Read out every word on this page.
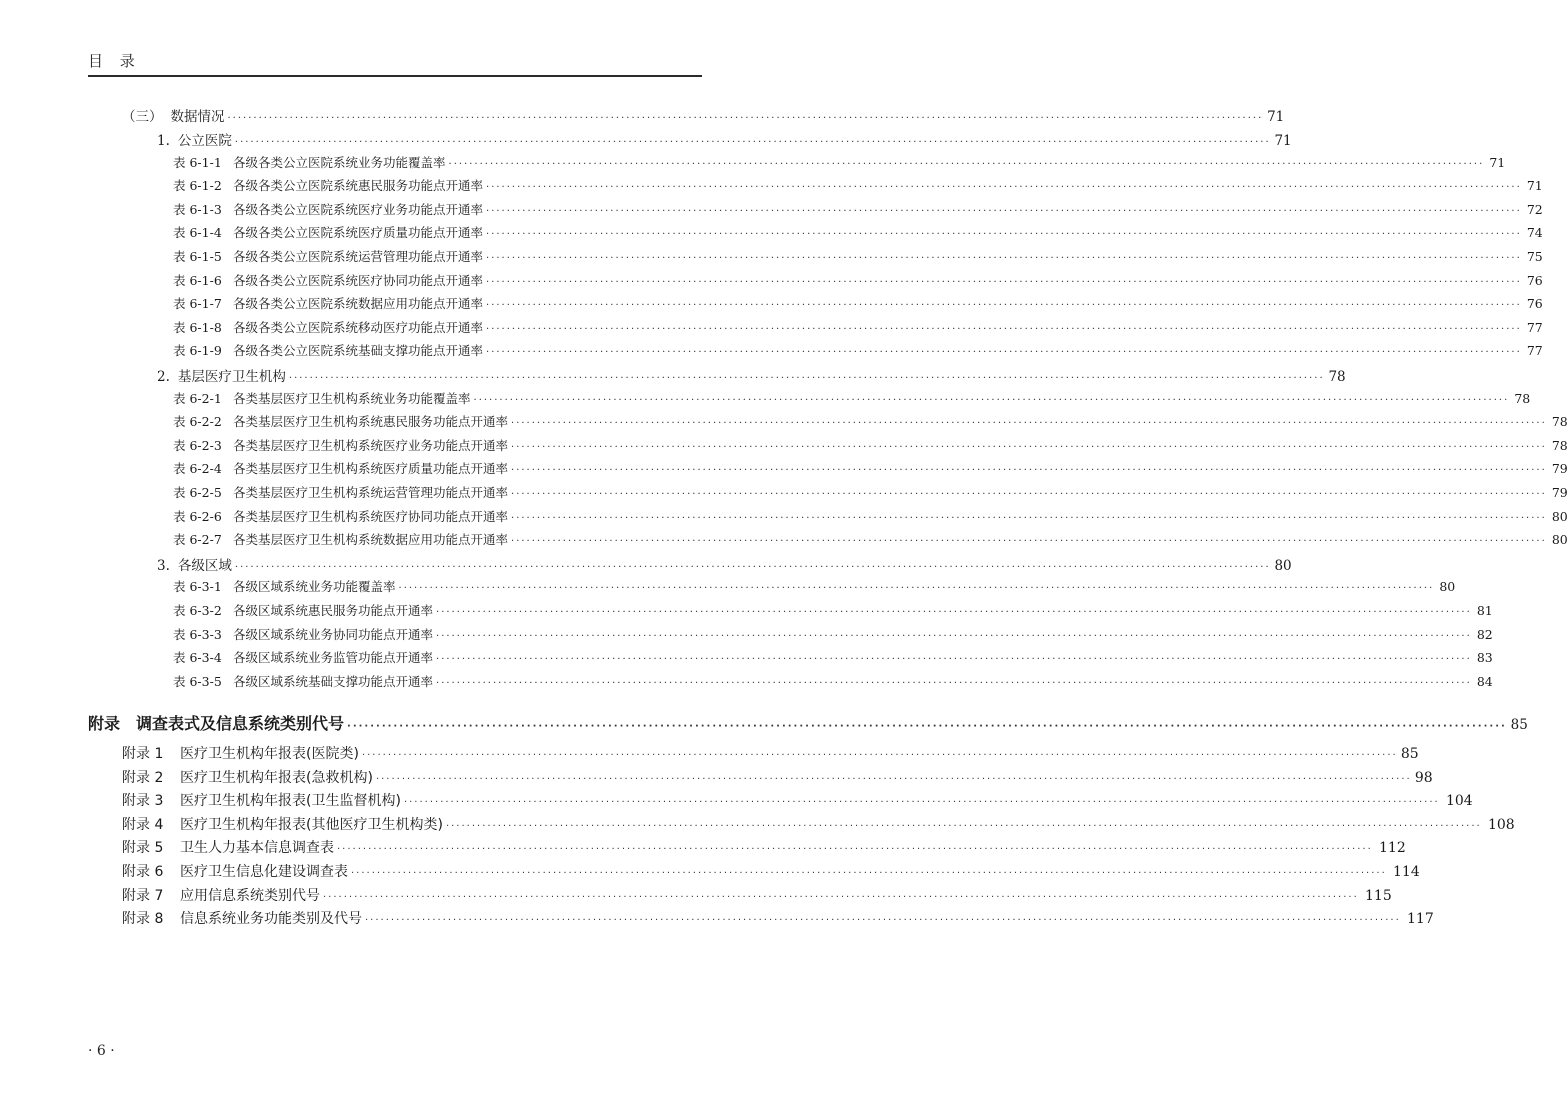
目 录
（三） 数据情况 ········································································································································································································ 71
1. 公立医院 ········································································································································································································ 71
表 6-1-1 各级各类公立医院系统业务功能覆盖率 ········································································································································································································ 71
表 6-1-2 各级各类公立医院系统惠民服务功能点开通率 ········································································································································································································ 71
表 6-1-3 各级各类公立医院系统医疗业务功能点开通率 ········································································································································································································ 72
表 6-1-4 各级各类公立医院系统医疗质量功能点开通率 ········································································································································································································ 74
表 6-1-5 各级各类公立医院系统运营管理功能点开通率 ········································································································································································································ 75
表 6-1-6 各级各类公立医院系统医疗协同功能点开通率 ········································································································································································································ 76
表 6-1-7 各级各类公立医院系统数据应用功能点开通率 ········································································································································································································ 76
表 6-1-8 各级各类公立医院系统移动医疗功能点开通率 ········································································································································································································ 77
表 6-1-9 各级各类公立医院系统基础支撑功能点开通率 ········································································································································································································ 77
2. 基层医疗卫生机构 ········································································································································································································ 78
表 6-2-1 各类基层医疗卫生机构系统业务功能覆盖率 ········································································································································································································ 78
表 6-2-2 各类基层医疗卫生机构系统惠民服务功能点开通率 ········································································································································································································ 78
表 6-2-3 各类基层医疗卫生机构系统医疗业务功能点开通率 ········································································································································································································ 78
表 6-2-4 各类基层医疗卫生机构系统医疗质量功能点开通率 ········································································································································································································ 79
表 6-2-5 各类基层医疗卫生机构系统运营管理功能点开通率 ········································································································································································································ 79
表 6-2-6 各类基层医疗卫生机构系统医疗协同功能点开通率 ········································································································································································································ 80
表 6-2-7 各类基层医疗卫生机构系统数据应用功能点开通率 ········································································································································································································ 80
3. 各级区域 ········································································································································································································ 80
表 6-3-1 各级区域系统业务功能覆盖率 ········································································································································································································ 80
表 6-3-2 各级区域系统惠民服务功能点开通率 ········································································································································································································ 81
表 6-3-3 各级区域系统业务协同功能点开通率 ········································································································································································································ 82
表 6-3-4 各级区域系统业务监管功能点开通率 ········································································································································································································ 83
表 6-3-5 各级区域系统基础支撑功能点开通率 ········································································································································································································ 84
附录	调查表式及信息系统类别代号 ········································································································································································································ 85
附录 1	医疗卫生机构年报表(医院类) ········································································································································································································ 85
附录 2	医疗卫生机构年报表(急救机构) ········································································································································································································ 98
附录 3	医疗卫生机构年报表(卫生监督机构) ········································································································································································································ 104
附录 4	医疗卫生机构年报表(其他医疗卫生机构类) ········································································································································································································ 108
附录 5	卫生人力基本信息调查表 ········································································································································································································ 112
附录 6	医疗卫生信息化建设调查表 ········································································································································································································ 114
附录 7	应用信息系统类别代号 ········································································································································································································ 115
附录 8	信息系统业务功能类别及代号 ········································································································································································································ 117
· 6 ·
